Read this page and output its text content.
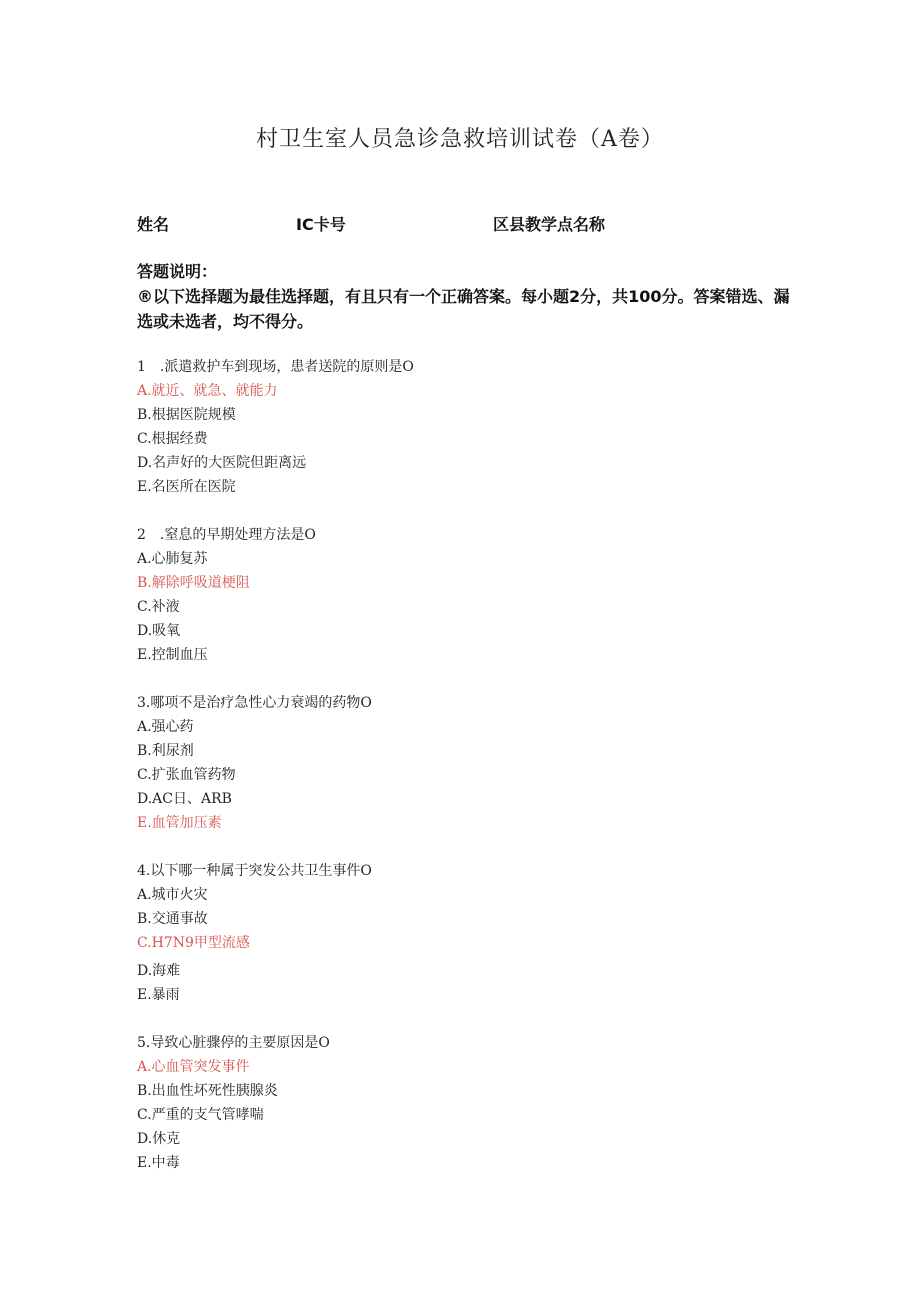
村卫生室人员急诊急救培训试卷（A卷）
姓名	IC卡号	区县教学点名称
答题说明：
®以下选择题为最佳选择题，有且只有一个正确答案。每小题2分，共100分。答案错选、漏选或未选者，均不得分。
1　.派遣救护车到现场，患者送院的原则是O
A.就近、就急、就能力
B.根据医院规模
C.根据经费
D.名声好的大医院但距离远
E.名医所在医院
2　.窒息的早期处理方法是O
A.心肺复苏
B.解除呼吸道梗阻
C.补液
D.吸氧
E.控制血压
3.哪项不是治疗急性心力衰竭的药物O
A.强心药
B.利尿剂
C.扩张血管药物
D.AC日、ARB
E.血管加压素
4.以下哪一种属于突发公共卫生事件O
A.城市火灾
B.交通事故
C.H7N9甲型流感
D.海难
E.暴雨
5.导致心脏骤停的主要原因是O
A.心血管突发事件
B.出血性坏死性胰腺炎
C.严重的支气管哮喘
D.休克
E.中毒
